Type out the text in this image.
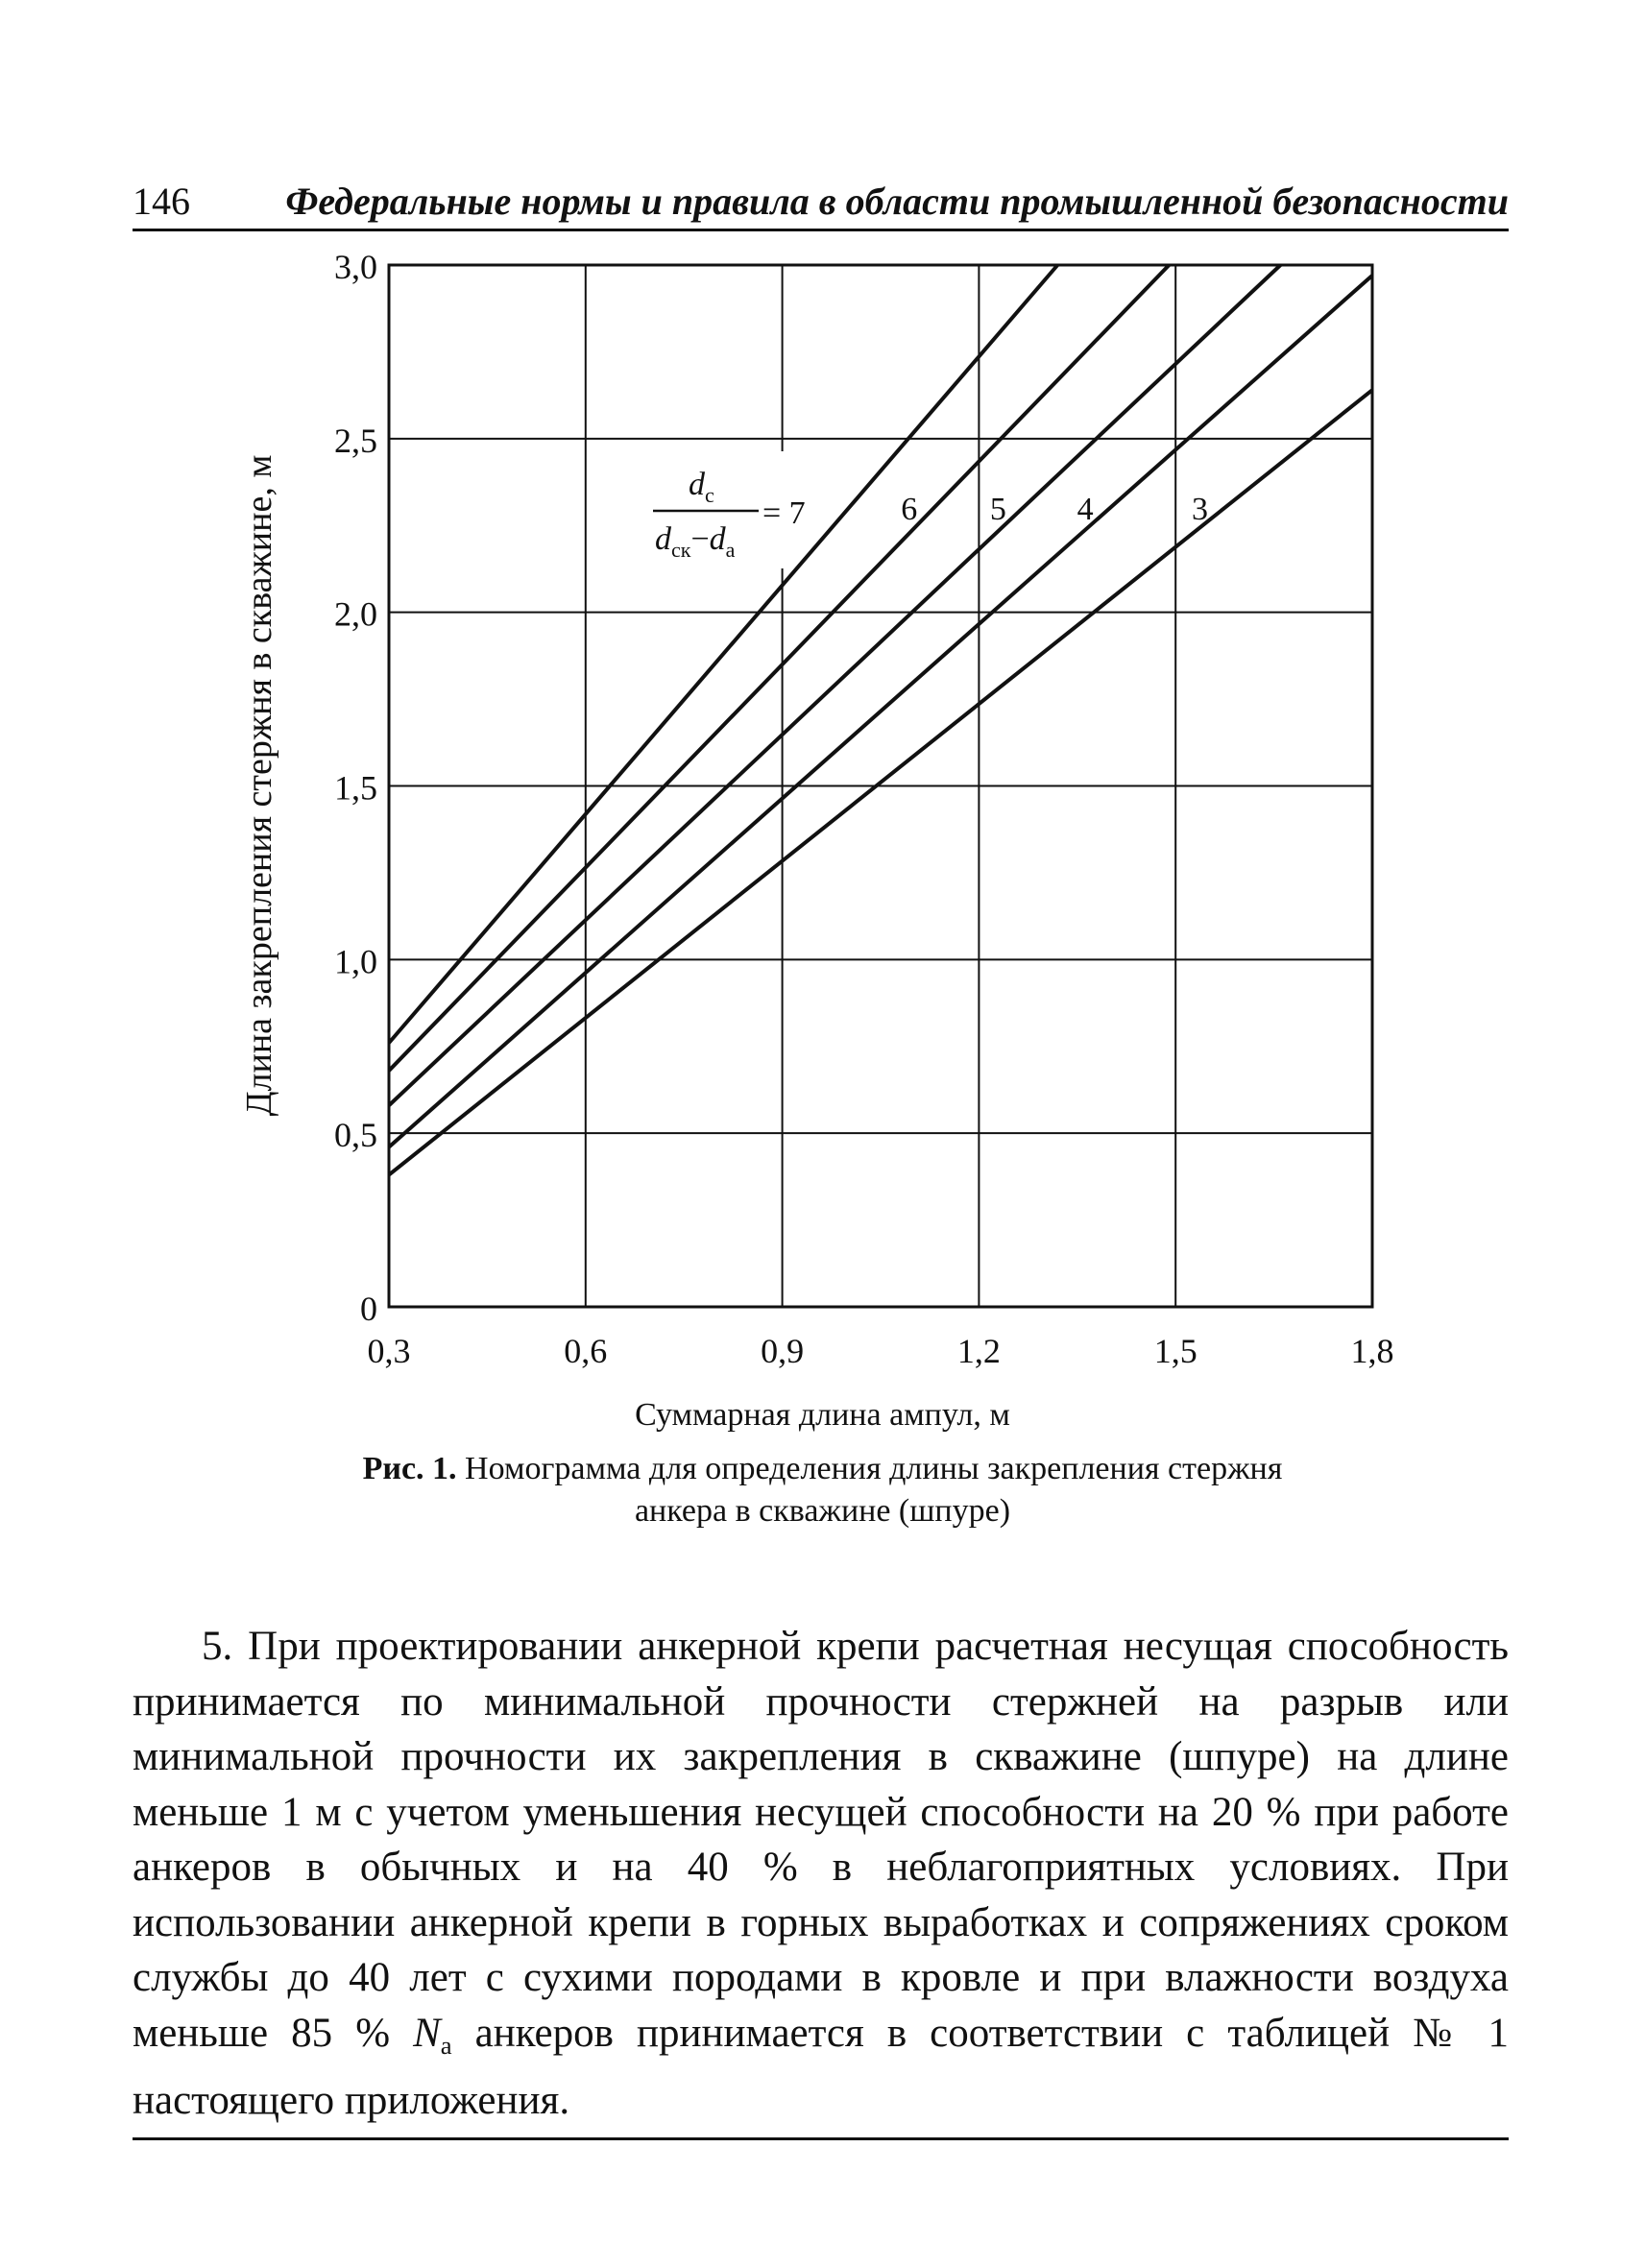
146 Федеральные нормы и правила в области промышленной безопасности
0,3	0,6	0,9	1,2	1,5	1,8
0
0,5
1,0
1,5
2,0
2,5
3,0
Длина закрепления стержня в скважине, м	$d_с$
$d_{ск}-d_а$
= 7	6 5 4	3
Суммарная длина ампул, м
Рис. 1. Номограмма для определения длины закрепления стержня
анкера в скважине (шпуре)
5. При проектировании анкерной крепи расчетная несущая способность принимается по минимальной прочности стержней на разрыв или минимальной прочности их закрепления в скважине (шпуре) на длине меньше 1 м с учетом уменьшения несущей способности на 20 % при работе анкеров в обычных и на 40 % в неблагоприятных условиях. При использовании анкерной крепи в горных выработках и сопряжениях сроком службы до 40 лет с сухими породами в кровле и при влажности воздуха меньше 85 % $N_а$ анкеров принимается в соответствии с таблицей № 1 настоящего приложения.
